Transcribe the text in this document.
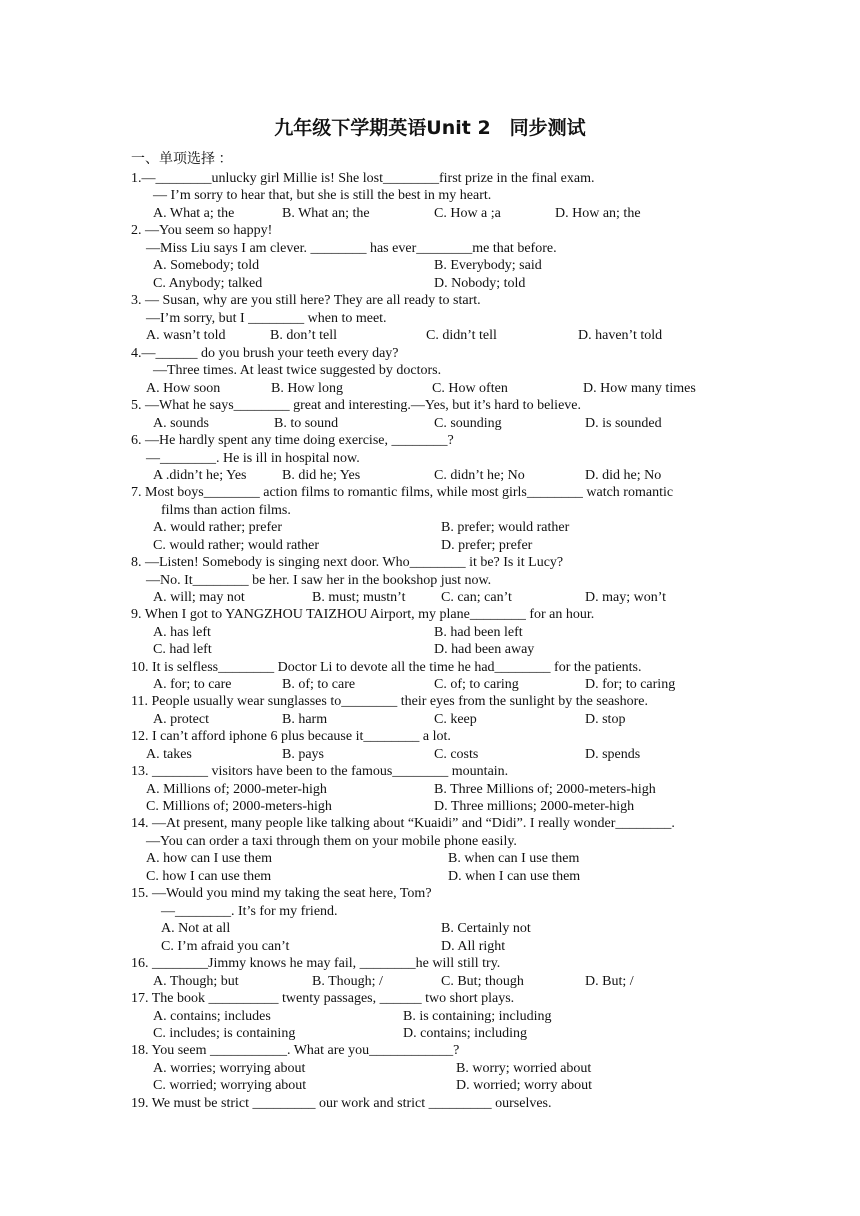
九年级下学期英语Unit 2　同步测试
一、单项选择 ：
1.—________unlucky girl Millie is! She lost________first prize in the final exam.
— I’m sorry to hear that, but she is still the best in my heart.
A. What a; the	B. What an; the	C. How a ;a	D. How an; the
2. —You seem so happy!
—Miss Liu says I am clever. ________ has ever________me that before.
A. Somebody; told	B. Everybody; said
C. Anybody; talked	D. Nobody; told
3. — Susan, why are you still here? They are all ready to start.
—I’m sorry, but I ________ when to meet.
A. wasn’t told	B. don’t tell	C. didn’t tell	D. haven’t told
4.—______ do you brush your teeth every day?
—Three times. At least twice suggested by doctors.
A. How soon	B. How long	C. How often	D. How many times
5. —What he says________ great and interesting.—Yes, but it’s hard to believe.
A. sounds	B. to sound	C. sounding	D. is sounded
6. —He hardly spent any time doing exercise, ________?
—________. He is ill in hospital now.
A .didn’t he; Yes	B. did he; Yes	C. didn’t he; No	D. did he; No
7. Most boys________ action films to romantic films, while most girls________ watch romantic
films than action films.
A. would rather; prefer	B. prefer; would rather
C. would rather; would rather	D. prefer; prefer
8. —Listen! Somebody is singing next door. Who________ it be? Is it Lucy?
—No. It________ be her. I saw her in the bookshop just now.
A. will; may not	B. must; mustn’t	C. can; can’t	D. may; won’t
9. When I got to YANGZHOU TAIZHOU Airport, my plane________ for an hour.
A. has left	B. had been left
C. had left	D. had been away
10. It is selfless________ Doctor Li to devote all the time he had________ for the patients.
A. for; to care	B. of; to care	C. of; to caring	D. for; to caring
11. People usually wear sunglasses to________ their eyes from the sunlight by the seashore.
A. protect	B. harm	C. keep	D. stop
12. I can’t afford iphone 6 plus because it________ a lot.
A. takes	B. pays	C. costs	D. spends
13. ________ visitors have been to the famous________ mountain.
A. Millions of; 2000-meter-high	B. Three Millions of; 2000-meters-high
C. Millions of; 2000-meters-high	D. Three millions; 2000-meter-high
14. —At present, many people like talking about “Kuaidi” and “Didi”. I really wonder________.
—You can order a taxi through them on your mobile phone easily.
A. how can I use them	B. when can I use them
C. how I can use them	D. when I can use them
15. —Would you mind my taking the seat here, Tom?
—________. It’s for my friend.
A. Not at all	B. Certainly not
C. I’m afraid you can’t	D. All right
16. ________Jimmy knows he may fail, ________he will still try.
A. Though; but	B. Though; /	C. But; though	D. But; /
17. The book __________ twenty passages, ______ two short plays.
A. contains; includes	B. is containing; including
C. includes; is containing	D. contains; including
18. You seem ___________. What are you____________?
A. worries; worrying about	B. worry; worried about
C. worried; worrying about	D. worried; worry about
19. We must be strict _________ our work and strict _________ ourselves.
